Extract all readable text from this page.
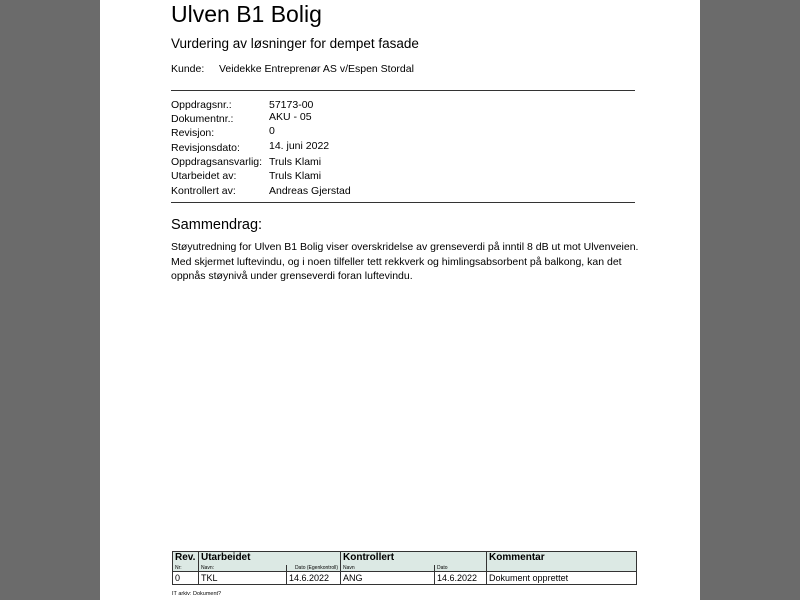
Ulven B1 Bolig
Vurdering av løsninger for dempet fasade
Kunde: Veidekke Entreprenør AS v/Espen Stordal
Oppdragsnr.:	57173-00
Dokumentnr.:	AKU - 05
Revisjon:	0
Revisjonsdato:	14. juni 2022
Oppdragsansvarlig: Truls Klami
Utarbeidet av:	Truls Klami
Kontrollert av:	Andreas Gjerstad
Sammendrag:
Støyutredning for Ulven B1 Bolig viser overskridelse av grenseverdi på inntil 8 dB ut mot Ulvenveien. Med skjermet luftevindu, og i noen tilfeller tett rekkverk og himlingsabsorbent på balkong, kan det oppnås støynivå under grenseverdi foran luftevindu.
Rev.	Utarbeidet		Kontrollert		Kommentar
Nr:	Navn:	Dato (Egenkontroll)	Navn	Dato	
0	TKL	14.6.2022	ANG	14.6.2022	Dokument opprettet
IT arkiv: Dokument?
